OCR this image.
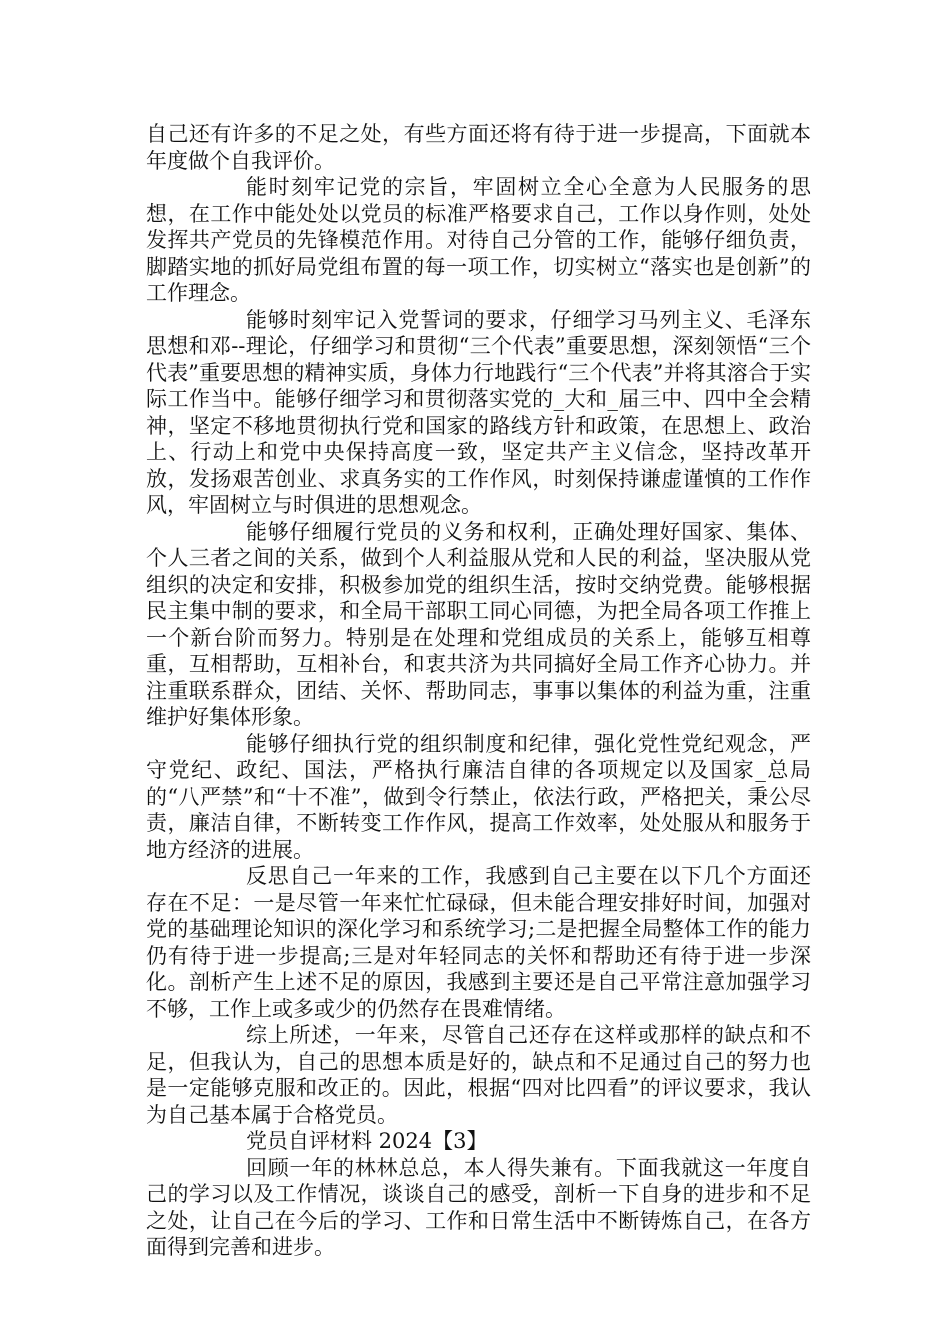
自己还有许多的不足之处，有些方面还将有待于进一步提高，下面就本年度做个自我评价。

能时刻牢记党的宗旨，牢固树立全心全意为人民服务的思想，在工作中能处处以党员的标准严格要求自己，工作以身作则，处处发挥共产党员的先锋模范作用。对待自己分管的工作，能够仔细负责，脚踏实地的抓好局党组布置的每一项工作，切实树立“落实也是创新”的工作理念。

能够时刻牢记入党誓词的要求，仔细学习马列主义、毛泽东思想和邓--理论，仔细学习和贯彻“三个代表”重要思想，深刻领悟“三个代表”重要思想的精神实质，身体力行地践行“三个代表”并将其溶合于实际工作当中。能够仔细学习和贯彻落实党的_大和_届三中、四中全会精神，坚定不移地贯彻执行党和国家的路线方针和政策，在思想上、政治上、行动上和党中央保持高度一致，坚定共产主义信念，坚持改革开放，发扬艰苦创业、求真务实的工作作风，时刻保持谦虚谨慎的工作作风，牢固树立与时俱进的思想观念。

能够仔细履行党员的义务和权利，正确处理好国家、集体、个人三者之间的关系，做到个人利益服从党和人民的利益，坚决服从党组织的决定和安排，积极参加党的组织生活，按时交纳党费。能够根据民主集中制的要求，和全局干部职工同心同德，为把全局各项工作推上一个新台阶而努力。特别是在处理和党组成员的关系上，能够互相尊重，互相帮助，互相补台，和衷共济为共同搞好全局工作齐心协力。并注重联系群众，团结、关怀、帮助同志，事事以集体的利益为重，注重维护好集体形象。

能够仔细执行党的组织制度和纪律，强化党性党纪观念，严守党纪、政纪、国法，严格执行廉洁自律的各项规定以及国家_总局的“八严禁”和“十不准”，做到令行禁止，依法行政，严格把关，秉公尽责，廉洁自律，不断转变工作作风，提高工作效率，处处服从和服务于地方经济的进展。

反思自己一年来的工作，我感到自己主要在以下几个方面还存在不足：一是尽管一年来忙忙碌碌，但未能合理安排好时间，加强对党的基础理论知识的深化学习和系统学习;二是把握全局整体工作的能力仍有待于进一步提高;三是对年轻同志的关怀和帮助还有待于进一步深化。剖析产生上述不足的原因，我感到主要还是自己平常注意加强学习不够，工作上或多或少的仍然存在畏难情绪。

综上所述，一年来，尽管自己还存在这样或那样的缺点和不足，但我认为，自己的思想本质是好的，缺点和不足通过自己的努力也是一定能够克服和改正的。因此，根据“四对比四看”的评议要求，我认为自己基本属于合格党员。

党员自评材料 2024【3】

回顾一年的林林总总，本人得失兼有。下面我就这一年度自己的学习以及工作情况，谈谈自己的感受，剖析一下自身的进步和不足之处，让自己在今后的学习、工作和日常生活中不断铸炼自己，在各方面得到完善和进步。
